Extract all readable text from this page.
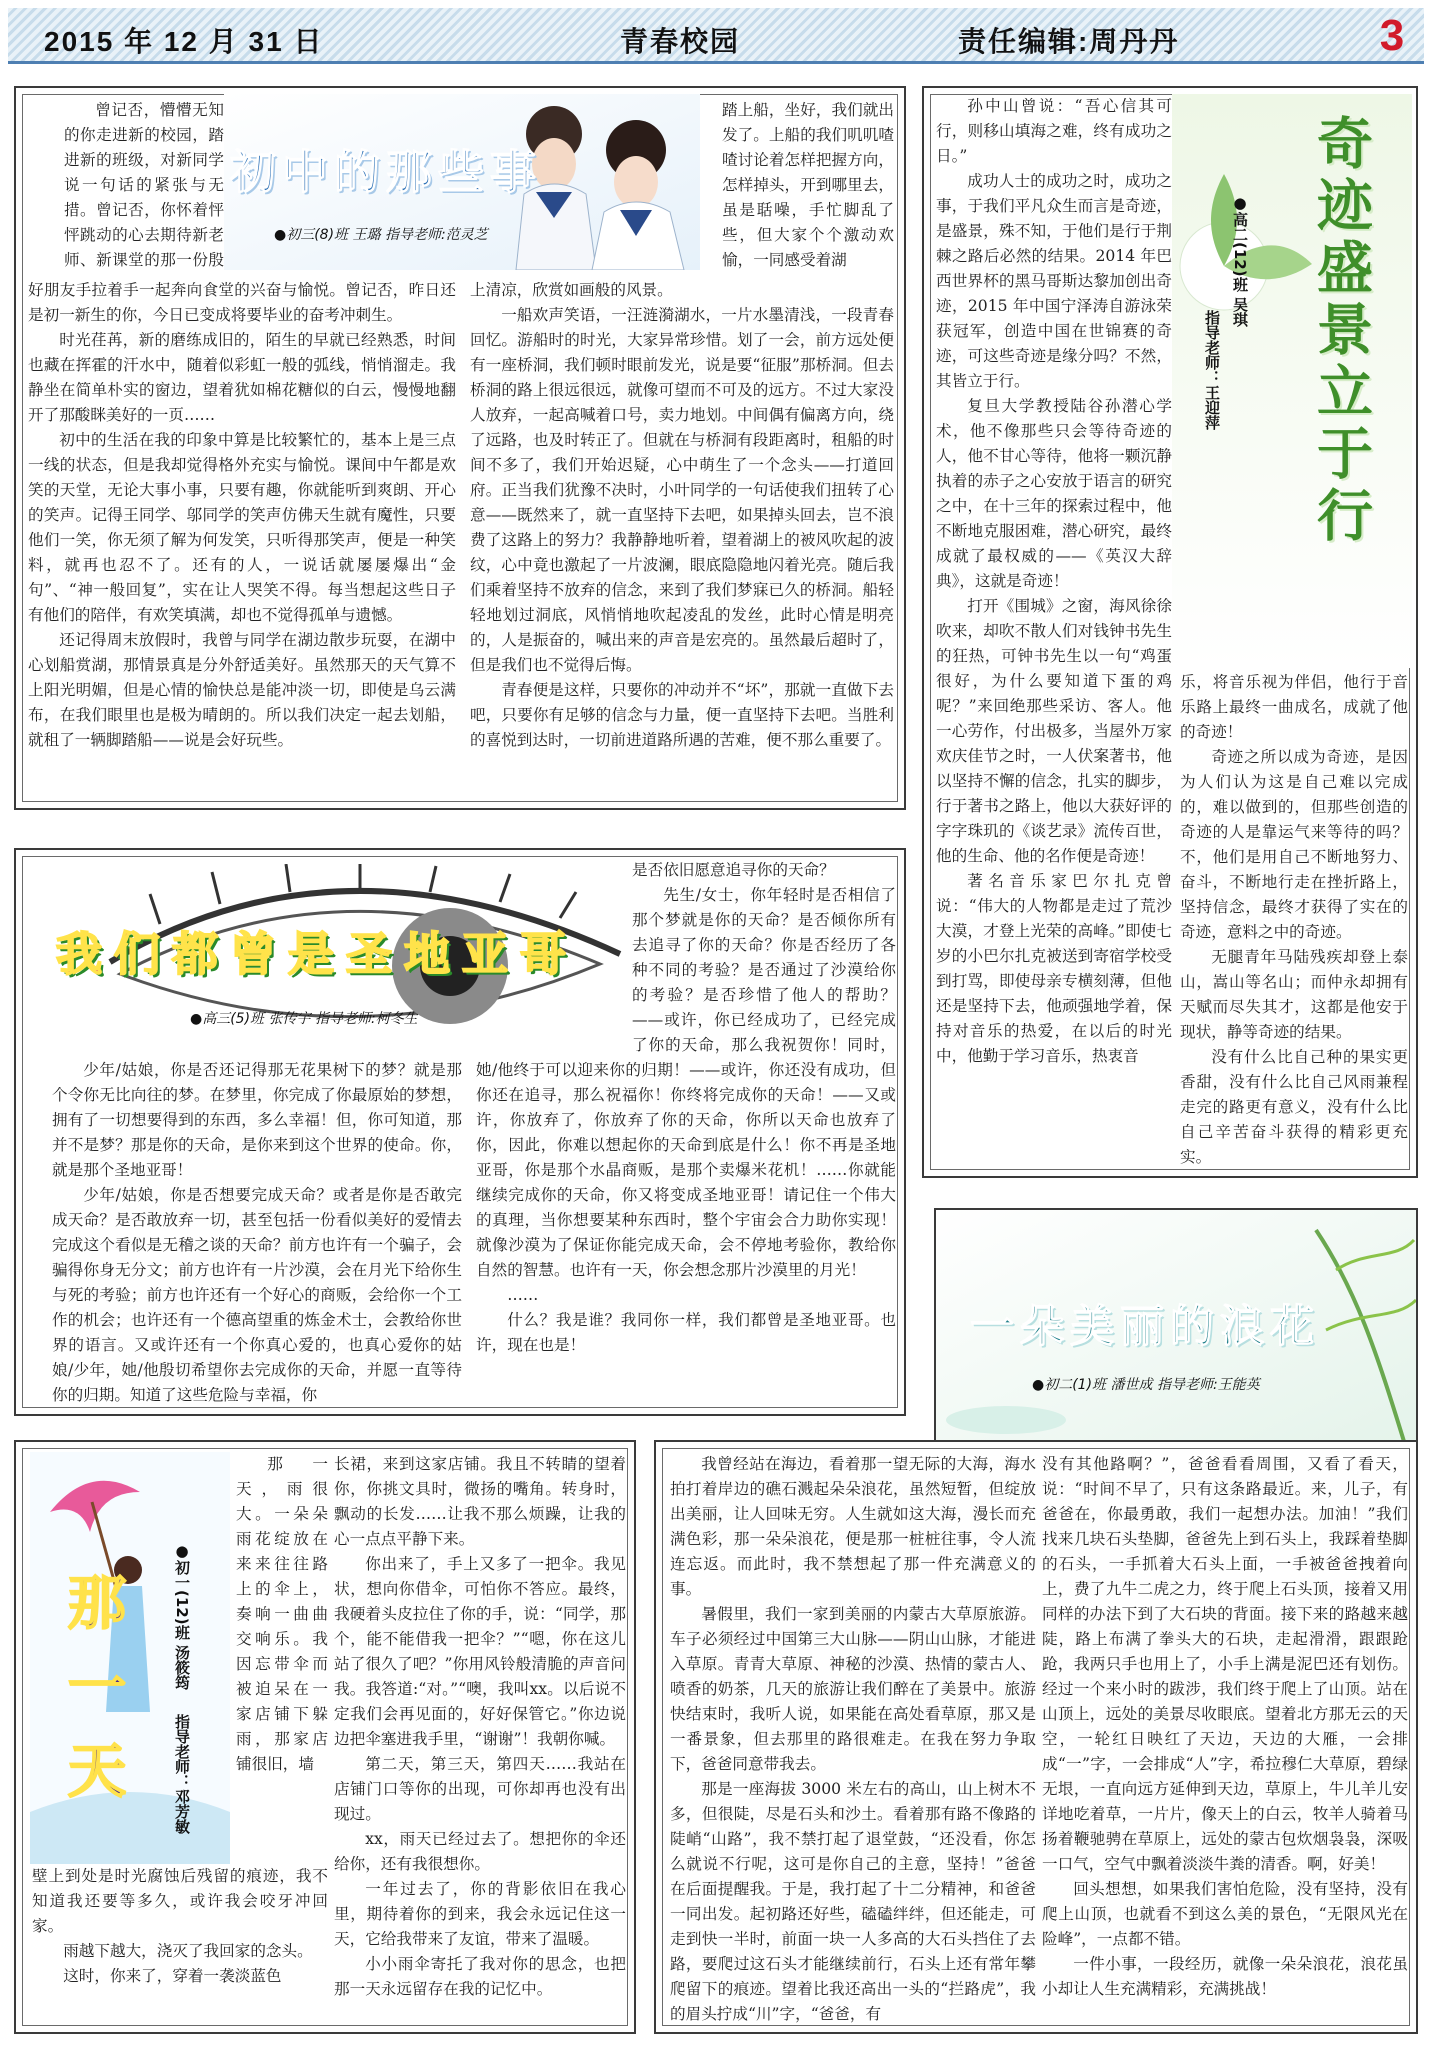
2015 年 12 月 31 日	青春校园	责任编辑:周丹丹	3
初中的那些事
●初三(8)班 王璐 指导老师:范灵芝

曾记否，懵懵无知的你走进新的校园，踏进新的班级，对新同学说一句话的紧张与无措。曾记否，你怀着怦怦跳动的心去期待新老师、新课堂的那一份殷

好朋友手拉着手一起奔向食堂的兴奋与愉悦。曾记否，昨日还是初一新生的你，今日已变成将要毕业的奋考冲刺生。

时光荏苒，新的磨练成旧的，陌生的早就已经熟悉，时间也藏在挥霍的汗水中，随着似彩虹一般的弧线，悄悄溜走。我静坐在简单朴实的窗边，望着犹如棉花糖似的白云，慢慢地翻开了那酸眯美好的一页……

初中的生活在我的印象中算是比较繁忙的，基本上是三点一线的状态，但是我却觉得格外充实与愉悦。课间中午都是欢笑的天堂，无论大事小事，只要有趣，你就能听到爽朗、开心的笑声。记得王同学、邬同学的笑声仿佛天生就有魔性，只要他们一笑，你无须了解为何发笑，只听得那笑声，便是一种笑料，就再也忍不了。还有的人，一说话就屡屡爆出“金句”、“神一般回复”，实在让人哭笑不得。每当想起这些日子有他们的陪伴，有欢笑填满，却也不觉得孤单与遗憾。

还记得周末放假时，我曾与同学在湖边散步玩耍，在湖中心划船赏湖，那情景真是分外舒适美好。虽然那天的天气算不上阳光明媚，但是心情的愉快总是能冲淡一切，即使是乌云满布，在我们眼里也是极为晴朗的。所以我们决定一起去划船，就租了一辆脚踏船——说是会好玩些。

踏上船，坐好，我们就出发了。上船的我们叽叽喳喳讨论着怎样把握方向，怎样掉头，开到哪里去，虽是聒噪，手忙脚乱了些，但大家个个激动欢愉，一同感受着湖
上清凉，欣赏如画般的风景。

一船欢声笑语，一汪涟漪湖水，一片水墨清浅，一段青春回忆。游船时的时光，大家异常珍惜。划了一会，前方远处便有一座桥洞，我们顿时眼前发光，说是要“征服”那桥洞。但去桥洞的路上很远很远，就像可望而不可及的远方。不过大家没人放弃，一起高喊着口号，卖力地划。中间偶有偏离方向，绕了远路，也及时转正了。但就在与桥洞有段距离时，租船的时间不多了，我们开始迟疑，心中萌生了一个念头——打道回府。正当我们犹豫不决时，小叶同学的一句话使我们扭转了心意——既然来了，就一直坚持下去吧，如果掉头回去，岂不浪费了这路上的努力？我静静地听着，望着湖上的被风吹起的波纹，心中竟也激起了一片波澜，眼底隐隐地闪着光亮。随后我们乘着坚持不放弃的信念，来到了我们梦寐已久的桥洞。船轻轻地划过洞底，风悄悄地吹起凌乱的发丝，此时心情是明亮的，人是振奋的，喊出来的声音是宏亮的。虽然最后超时了，但是我们也不觉得后悔。

青春便是这样，只要你的冲动并不“坏”，那就一直做下去吧，只要你有足够的信念与力量，便一直坚持下去吧。当胜利的喜悦到达时，一切前进道路所遇的苦难，便不那么重要了。

奇迹盛景立于行
●高二(12)班 吴琪
指导老师：王迎萍

孙中山曾说：“吾心信其可行，则移山填海之难，终有成功之日。”

成功人士的成功之时，成功之事，于我们平凡众生而言是奇迹，是盛景，殊不知，于他们是行于荆棘之路后必然的结果。2014 年巴西世界杯的黑马哥斯达黎加创出奇迹，2015 年中国宁泽涛自游泳荣获冠军，创造中国在世锦赛的奇迹，可这些奇迹是缘分吗？不然，其皆立于行。

复旦大学教授陆谷孙潜心学术，他不像那些只会等待奇迹的人，他不甘心等待，他将一颗沉静执着的赤子之心安放于语言的研究之中，在十三年的探索过程中，他不断地克服困难，潜心研究，最终成就了最权威的——《英汉大辞典》，这就是奇迹！

打开《围城》之窗，海风徐徐吹来，却吹不散人们对钱钟书先生的狂热，可钟书先生以一句“鸡蛋很好，为什么要知道下蛋的鸡呢？”来回绝那些采访、客人。他一心劳作，付出极多，当屋外万家欢庆佳节之时，一人伏案著书，他以坚持不懈的信念，扎实的脚步，行于著书之路上，他以大获好评的字字珠玑的《谈艺录》流传百世，他的生命、他的名作便是奇迹！

著名音乐家巴尔扎克曾说：“伟大的人物都是走过了荒沙大漠，才登上光荣的高峰。”即使七岁的小巴尔扎克被送到寄宿学校受到打骂，即使母亲专横刻薄，但他还是坚持下去，他顽强地学着，保持对音乐的热爱，在以后的时光中，他勤于学习音乐，热衷音

乐，将音乐视为伴侣，他行于音乐路上最终一曲成名，成就了他的奇迹！

奇迹之所以成为奇迹，是因为人们认为这是自己难以完成的，难以做到的，但那些创造的奇迹的人是靠运气来等待的吗？不，他们是用自己不断地努力、奋斗，不断地行走在挫折路上，坚持信念，最终才获得了实在的奇迹，意料之中的奇迹。

无腿青年马陆残疾却登上泰山，嵩山等名山；而仲永却拥有天赋而尽失其才，这都是他安于现状，静等奇迹的结果。

没有什么比自己种的果实更香甜，没有什么比自己风雨兼程走完的路更有意义，没有什么比自己辛苦奋斗获得的精彩更充实。

我们都曾是圣地亚哥
●高三(5)班 张传宇 指导老师:柯冬生

少年/姑娘，你是否还记得那无花果树下的梦？就是那个令你无比向往的梦。在梦里，你完成了你最原始的梦想，拥有了一切想要得到的东西，多么幸福！但，你可知道，那并不是梦？那是你的天命，是你来到这个世界的使命。你，就是那个圣地亚哥！

少年/姑娘，你是否想要完成天命？或者是你是否敢完成天命？是否敢放弃一切，甚至包括一份看似美好的爱情去完成这个看似是无稽之谈的天命？前方也许有一个骗子，会骗得你身无分文；前方也许有一片沙漠，会在月光下给你生与死的考验；前方也许还有一个好心的商贩，会给你一个工作的机会；也许还有一个德高望重的炼金术士，会教给你世界的语言。又或许还有一个你真心爱的，也真心爱你的姑娘/少年，她/他殷切希望你去完成你的天命，并愿一直等待你的归期。知道了这些危险与幸福，你

是否依旧愿意追寻你的天命？

先生/女士，你年轻时是否相信了那个梦就是你的天命？是否倾你所有去追寻了你的天命？你是否经历了各种不同的考验？是否通过了沙漠给你的考验？是否珍惜了他人的帮助？——或许，你已经成功了，已经完成了你的天命，那么我祝贺你！同时，

她/他终于可以迎来你的归期！——或许，你还没有成功，但你还在追寻，那么祝福你！你终将完成你的天命！——又或许，你放弃了，你放弃了你的天命，你所以天命也放弃了你，因此，你难以想起你的天命到底是什么！你不再是圣地亚哥，你是那个水晶商贩，是那个卖爆米花机！……你就能继续完成你的天命，你又将变成圣地亚哥！请记住一个伟大的真理，当你想要某种东西时，整个宇宙会合力助你实现！就像沙漠为了保证你能完成天命，会不停地考验你，教给你自然的智慧。也许有一天，你会想念那片沙漠里的月光！

……

什么？我是谁？我同你一样，我们都曾是圣地亚哥。也许，现在也是！	一朵美丽的浪花
●初二(1)班 潘世成 指导老师:王能英
那一天	●初一(12)班 汤筱筠
指导老师：邓芳敏

那一天，雨很大。一朵朵雨花绽放在来来往往路上的伞上，奏响一曲曲交响乐。我因忘带伞而被迫呆在一家店铺下躲雨，那家店铺很旧，墙

壁上到处是时光腐蚀后残留的痕迹，我不知道我还要等多久，或许我会咬牙冲回家。

雨越下越大，浇灭了我回家的念头。

这时，你来了，穿着一袭淡蓝色

长裙，来到这家店铺。我且不转睛的望着你，你挑文具时，微扬的嘴角。转身时，飘动的长发……让我不那么烦躁，让我的心一点点平静下来。

你出来了，手上又多了一把伞。我见状，想向你借伞，可怕你不答应。最终，我硬着头皮拉住了你的手，说：“同学，那个，能不能借我一把伞？”“嗯，你在这儿站了很久了吧？”你用风铃般清脆的声音问我。我答道:“对。”“噢，我叫xx。以后说不定我们会再见面的，好好保管它。”你边说边把伞塞进我手里，“谢谢”！我朝你喊。

第二天，第三天，第四天……我站在店铺门口等你的出现，可你却再也没有出现过。

xx，雨天已经过去了。想把你的伞还给你，还有我很想你。

一年过去了，你的背影依旧在我心里，期待着你的到来，我会永远记住这一天，它给我带来了友谊，带来了温暖。

小小雨伞寄托了我对你的思念，也把那一天永远留存在我的记忆中。

我曾经站在海边，看着那一望无际的大海，海水拍打着岸边的礁石溅起朵朵浪花，虽然短暂，但绽放出美丽，让人回味无穷。人生就如这大海，漫长而充满色彩，那一朵朵浪花，便是那一桩桩往事，令人流连忘返。而此时，我不禁想起了那一件充满意义的事。

暑假里，我们一家到美丽的内蒙古大草原旅游。车子必须经过中国第三大山脉——阴山山脉，才能进入草原。青青大草原、神秘的沙漠、热情的蒙古人、喷香的奶茶，几天的旅游让我们醉在了美景中。旅游快结束时，我听人说，如果能在高处看草原，那又是一番景象，但去那里的路很难走。在我在努力争取下，爸爸同意带我去。

那是一座海拔 3000 米左右的高山，山上树木不多，但很陡，尽是石头和沙土。看着那有路不像路的陡峭“山路”，我不禁打起了退堂鼓，“还没看，你怎么就说不行呢，这可是你自己的主意，坚持！”爸爸在后面提醒我。于是，我打起了十二分精神，和爸爸一同出发。起初路还好些，磕磕绊绊，但还能走，可走到快一半时，前面一块一人多高的大石头挡住了去路，要爬过这石头才能继续前行，石头上还有常年攀爬留下的痕迹。望着比我还高出一头的“拦路虎”，我的眉头拧成“川”字，“爸爸，有

没有其他路啊？”，爸爸看看周围，又看了看天，说：“时间不早了，只有这条路最近。来，儿子，有爸爸在，你最勇敢，我们一起想办法。加油！”我们找来几块石头垫脚，爸爸先上到石头上，我踩着垫脚的石头，一手抓着大石头上面，一手被爸爸拽着向上，费了九牛二虎之力，终于爬上石头顶，接着又用同样的办法下到了大石块的背面。接下来的路越来越陡，路上布满了拳头大的石块，走起滑滑，跟跟跄跄，我两只手也用上了，小手上满是泥巴还有划伤。经过一个来小时的跋涉，我们终于爬上了山顶。站在山顶上，远处的美景尽收眼底。望着北方那无云的天空，一轮红日映红了天边，天边的大雁，一会排成“一”字，一会排成“人”字，希拉穆仁大草原，碧绿无垠，一直向远方延伸到天边，草原上，牛儿羊儿安详地吃着草，一片片，像天上的白云，牧羊人骑着马扬着鞭驰骋在草原上，远处的蒙古包炊烟袅袅，深吸一口气，空气中飘着淡淡牛粪的清香。啊，好美！

回头想想，如果我们害怕危险，没有坚持，没有爬上山顶，也就看不到这么美的景色，“无限风光在险峰”，一点都不错。

一件小事，一段经历，就像一朵朵浪花，浪花虽小却让人生充满精彩，充满挑战！
